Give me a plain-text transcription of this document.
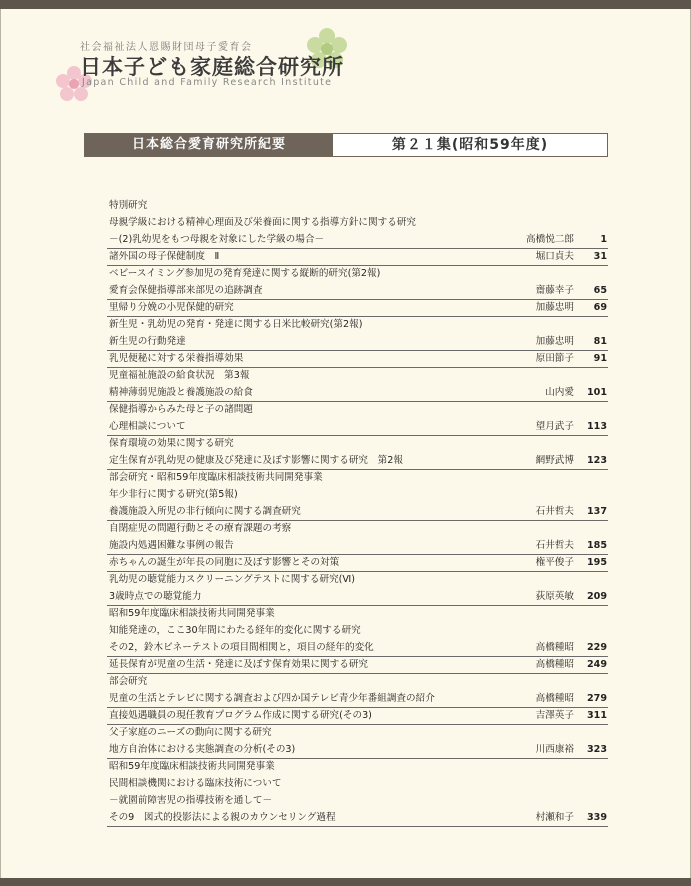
社会福祉法人恩賜財団母子愛育会
日本子ども家庭総合研究所
Japan Child and Family Research Institute
日本総合愛育研究所紀要	第２１集(昭和59年度)
特別研究
母親学級における精神心理面及び栄養面に関する指導方針に関する研究
－(2)乳幼児をもつ母親を対象にした学級の場合－	高橋悦二郎	1
諸外国の母子保健制度　Ⅱ	堀口貞夫 31
ベビースイミング参加児の発育発達に関する縦断的研究(第2報)
愛育会保健指導部来部児の追跡調査	齋藤幸子 65
里帰り分娩の小児保健的研究	加藤忠明 69
新生児・乳幼児の発育・発達に関する日米比較研究(第2報)
新生児の行動発達	加藤忠明 81
乳児便秘に対する栄養指導効果	原田節子 91
児童福祉施設の給食状況　第3報
精神薄弱児施設と養護施設の給食	山内愛 101
保健指導からみた母と子の諸問題
心理相談について	望月武子 113
保育環境の効果に関する研究
定生保育が乳幼児の健康及び発達に及ぼす影響に関する研究　第2報	網野武博 123
部会研究・昭和59年度臨床相談技術共同開発事業
年少非行に関する研究(第5報)
養護施設入所児の非行傾向に関する調査研究	石井哲夫 137
自閉症児の問題行動とその療育課題の考察
施設内処遇困難な事例の報告	石井哲夫 185
赤ちゃんの誕生が年長の同胞に及ぼす影響とその対策	権平俊子 195
乳幼児の聴覚能力スクリーニングテストに関する研究(Ⅵ)
3歳時点での聴覚能力	荻原英敏 209
昭和59年度臨床相談技術共同開発事業
知能発達の，ここ30年間にわたる経年的変化に関する研究
その2，鈴木ビネーテストの項目間相関と，項目の経年的変化	高橋種昭 229
延長保育が児童の生活・発達に及ぼす保育効果に関する研究	高橋種昭 249
部会研究
児童の生活とテレビに関する調査および四か国テレビ青少年番組調査の紹介	高橋種昭 279
直接処遇職員の現任教育プログラム作成に関する研究(その3)	吉澤英子 311
父子家庭のニーズの動向に関する研究
地方自治体における実態調査の分析(その3)	川西康裕 323
昭和59年度臨床相談技術共同開発事業
民間相談機関における臨床技術について
－就園前障害児の指導技術を通して－
その9　図式的投影法による親のカウンセリング過程	村瀬和子 339
